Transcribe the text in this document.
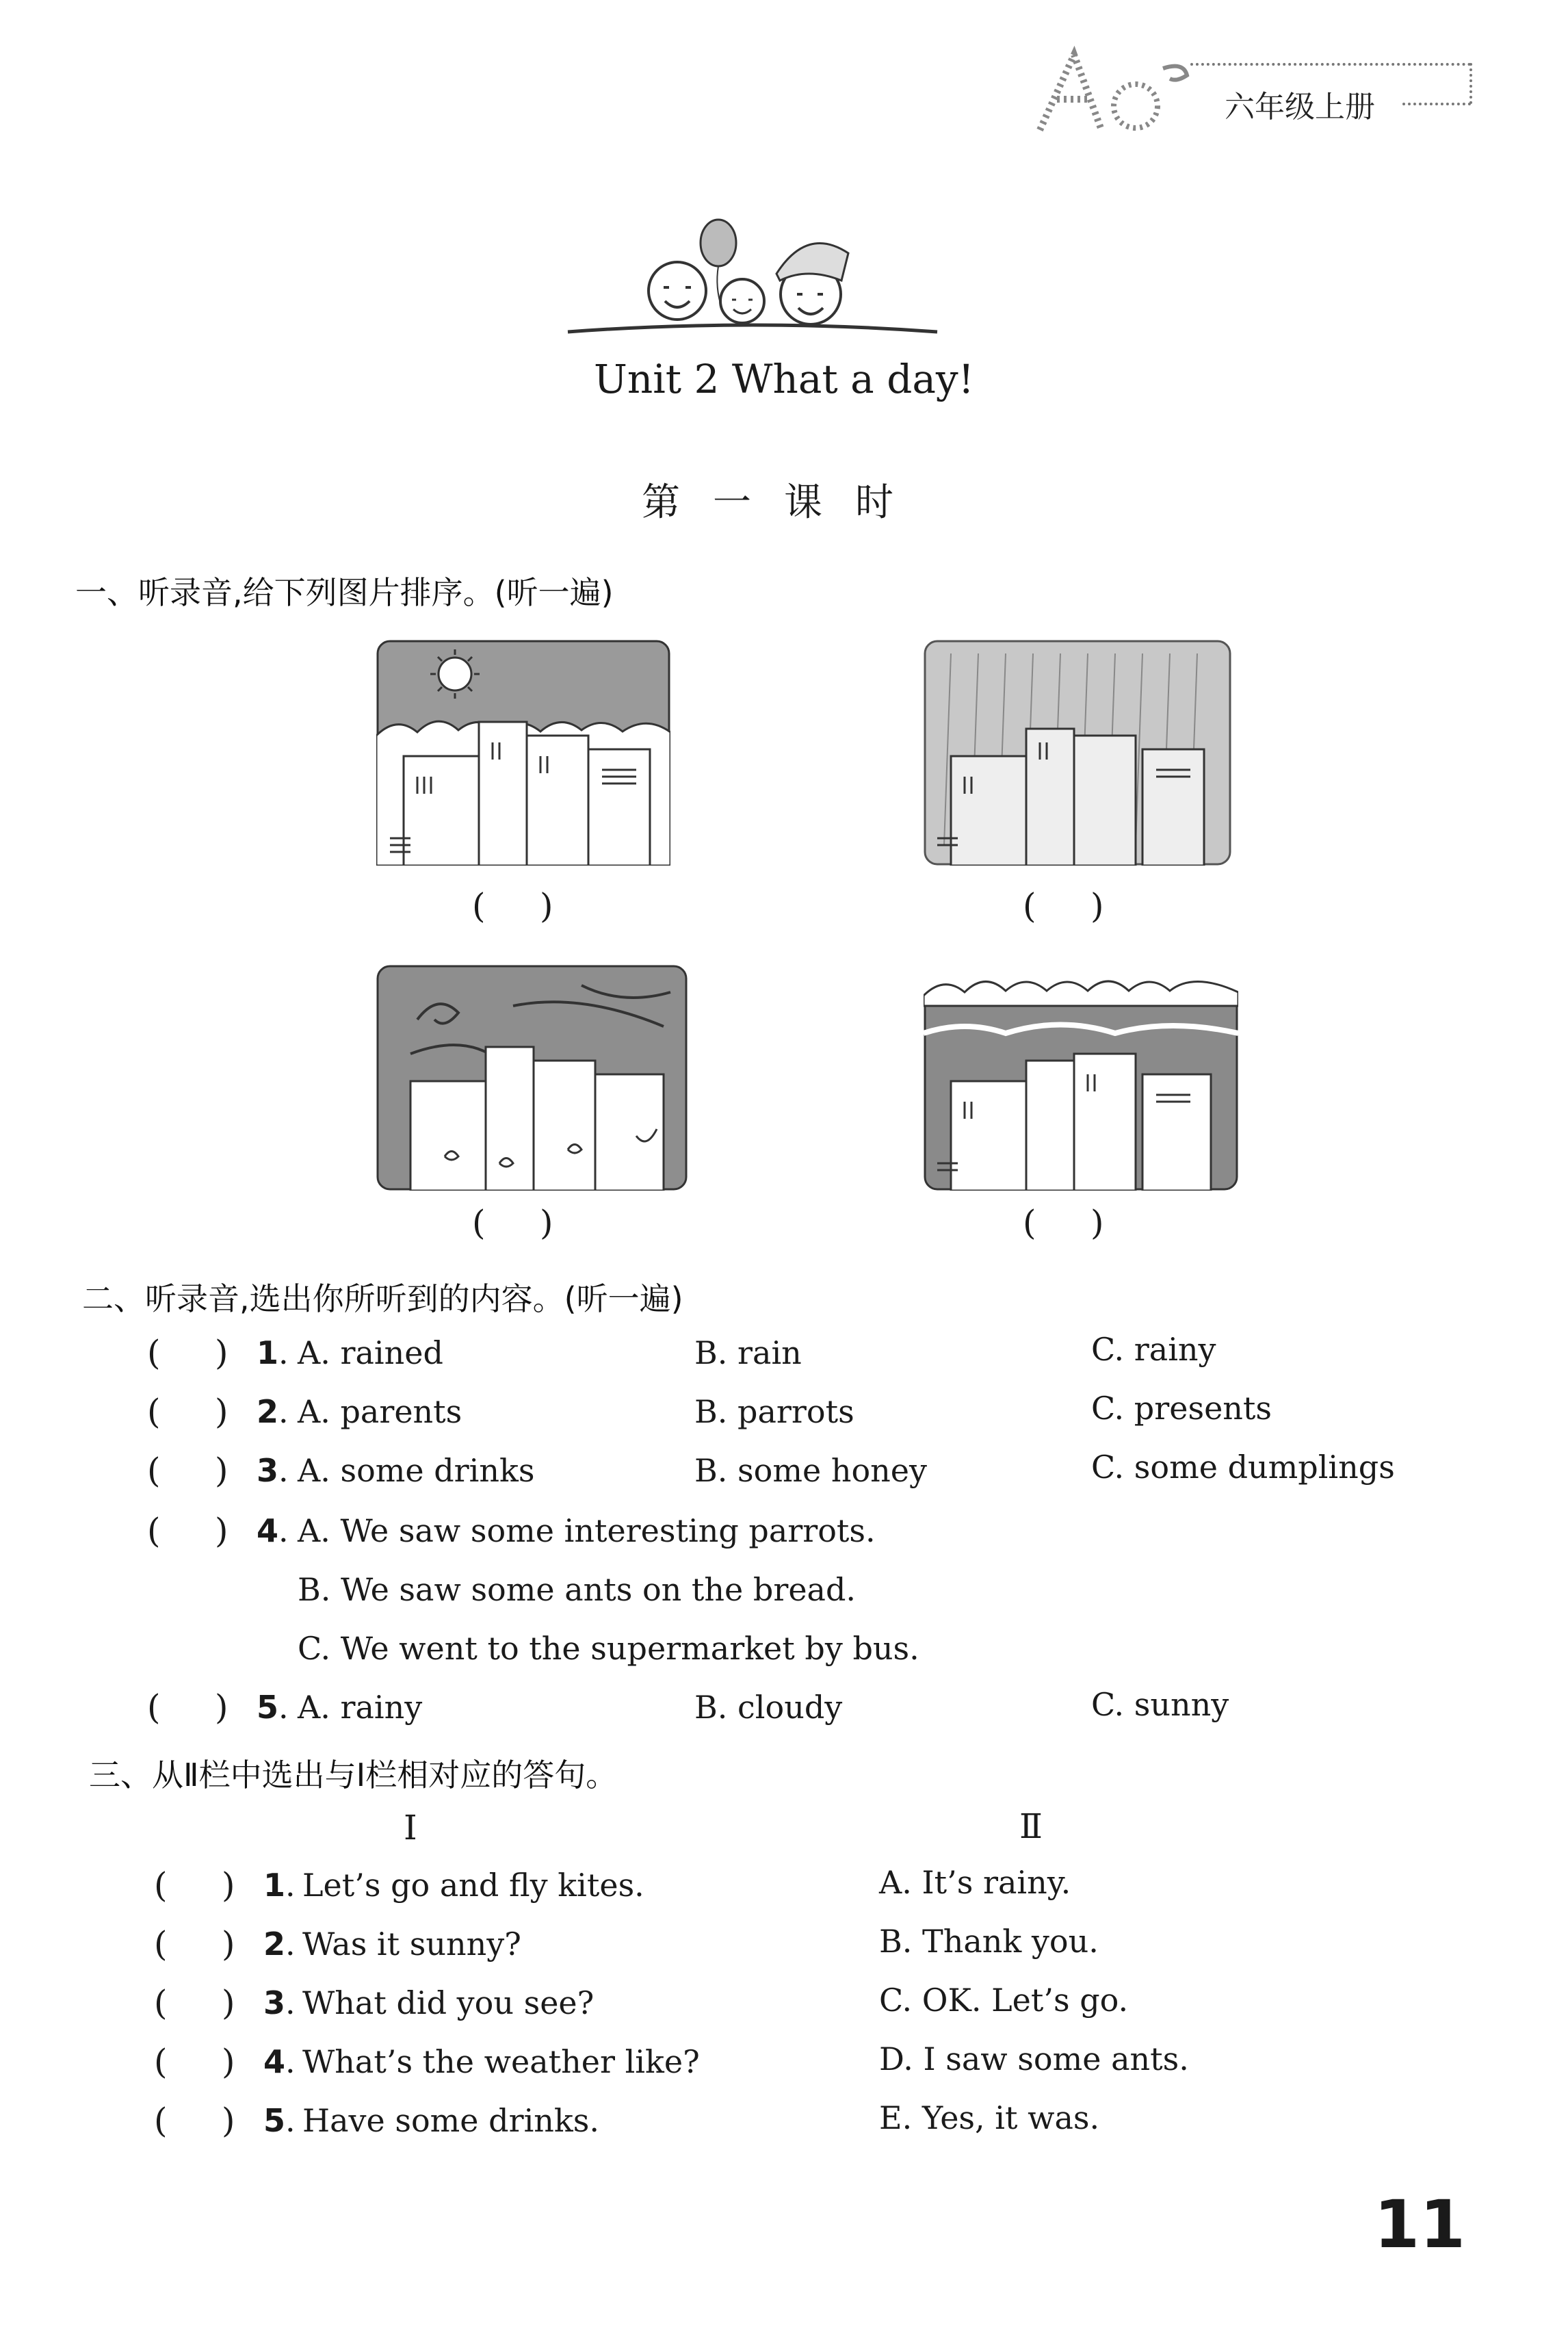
六年级上册
Unit 2 What a day!
第一课时
一、听录音,给下列图片排序。(听一遍)
(     )	(     )
(     )	(     )
二、听录音,选出你所听到的内容。(听一遍)
(     ) 1. A. rained	B. rain	C. rainy
(     ) 2. A. parents	B. parrots	C. presents
(     ) 3. A. some drinks	B. some honey	C. some dumplings
(     ) 4. A. We saw some interesting parrots.
B. We saw some ants on the bread.
C. We went to the supermarket by bus.
(     ) 5. A. rainy	B. cloudy	C. sunny
三、从Ⅱ栏中选出与Ⅰ栏相对应的答句。
Ⅰ	Ⅱ
(     ) 1. Let’s go and fly kites.	A. It’s rainy.
(     ) 2. Was it sunny?	B. Thank you.
(     ) 3. What did you see?	C. OK. Let’s go.
(     ) 4. What’s the weather like?	D. I saw some ants.
(     ) 5. Have some drinks.	E. Yes, it was.
11
